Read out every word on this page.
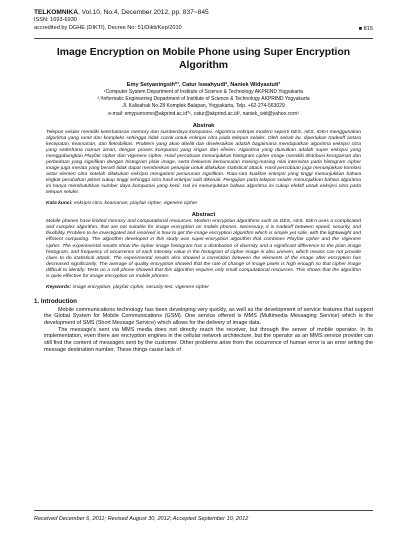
TELKOMNIKA, Vol.10, No.4, December 2012, pp. 837~845

ISSN: 1693-6930

accredited by DGHE (DIKTI), Decree No: 51/Dikti/Kep/2010	■ 815
Image Encryption on Mobile Phone using Super Encryption Algorithm
Emy Setyaningsih*¹, Catur Iswahyudi², Naniek Widyastuti³
¹Computer System Department of Institute of Science & Technology AKPRIND Yogyakarta
²,³Informatic Engineering Department of Institute of Science & Technology AKPRIND Yogyakarta
Jl. Kalisahak No.28 Komplek Balapan, Yogyakarta, Telp. +62-274-563029
e-mail: emypurnomo@akprind.ac.id*¹, catur@akprind.ac.id², naniek_wid@yahoo.com³
Abstrak
Telepon seluler memiliki keterbatasan memory dan sumberdaya komputasi. Algoritma enkripsi modern seperti DES, AES, IDEA menggunakan algoritma yang rumit dan kompleks sehingga tidak cocok untuk enkripsi citra pada telepon seluler. Oleh sebab itu, diperlukan tradeoff antara kecepatan, keamanan, dan fleksibilitas. Problem yang akan diteliti dan diselesaikan adalah bagaimana mendapatkan algoritma enkripsi citra yang sederhana namun aman, dengan proses komputasi yang ringan dan efisien. Algoritma yang diusulkan adalah super enkripsi yang menggabungkan Playfair cipher dan Vigenere cipher. Hasil percobaan menunjukkan histogram cipher image memiliki distribusi keragaman dan perbedaan yang signifikan dengan histogram plain image, serta frekuensi kemunculan masing-masing nilai intensitas pada histogram cipher image juga merata yang berarti tidak dapat memberikan petunjuk untuk dilakukan statistical attack. Hasil percobaan juga menunjukkan korelasi antar elemen citra setelah dilakukan enkripsi mengalami penurunan signifikan. Rata-rata kualitas enkripsi yang tinggi menunjukkan bahwa tingkat perubahan piksel cukup tinggi sehingga citra hasil enkripsi sulit dikenali. Pengujian pada telepon seluler menunjukkan bahwa algoritma ini hanya membutuhkan sumber daya komputasi yang kecil. Hal ini menunjukkan bahwa algoritma ini cukup efektif untuk enkripsi citra pada telepon seluler.
Kata kunci: enkripsi citra, keamanan, playfair cipher, vigenere cipher
Abstract
Mobile phones have limited memory and computational resources. Modern encryption algorithms such as DES, AES, IDEA uses a complicated and complex algorithm, that are not suitable for image encryption on mobile phones. Necessary, it is tradeoff between speed, security, and flexibility. Problem to be investigated and resolved is how to get the image encryption algorithm which is simple yet safe, with the lightweight and efficient computing. The algorithm developed in this study was super-encryption algorithm that combines Playfair cipher and the Vigenere cipher. The experimental results show the cipher image histogram has a distribution of diversity and a significant difference to the plain image histogram, and frequency of occurrence of each intensity value in the histogram of cipher image is also uneven, which means can not provide clues to do statistical attack. The experimental results also showed a correlation between the elements of the image after encryption has decreased significantly. The average of quality encryption showed that the rate of change of image pixels is high enough so that cipher image difficult to identify. Tests on a cell phone showed that this algorithm requires only small computational resources. This shows that the algorithm is quite effective for image encryption on mobile phones.
Keywords: image encryption, playfair cipher, security test, vigenere cipher
1. Introduction

Mobile communications technology has been developing very quickly, as well as the development of service features that support the Global System for Mobile Communications (GSM). One service offered is MMS (Multimedia Messaging Service) which is the development of SMS (Short Message Service) which allows for the delivery of image data.

The message's sent via MMS media does not directly reach the receiver, but through the server of mobile operator. In its implementation, even there are encryption engines in the cellular network architecture, but the operator as an MMS service provider can still find the content of messages sent by the customer. Other problems arise from the occurrence of human error is an error writing the message destination number. These things cause lack of

Received December 6, 2011; Revised August 30, 2012; Accepted September 10, 2012
